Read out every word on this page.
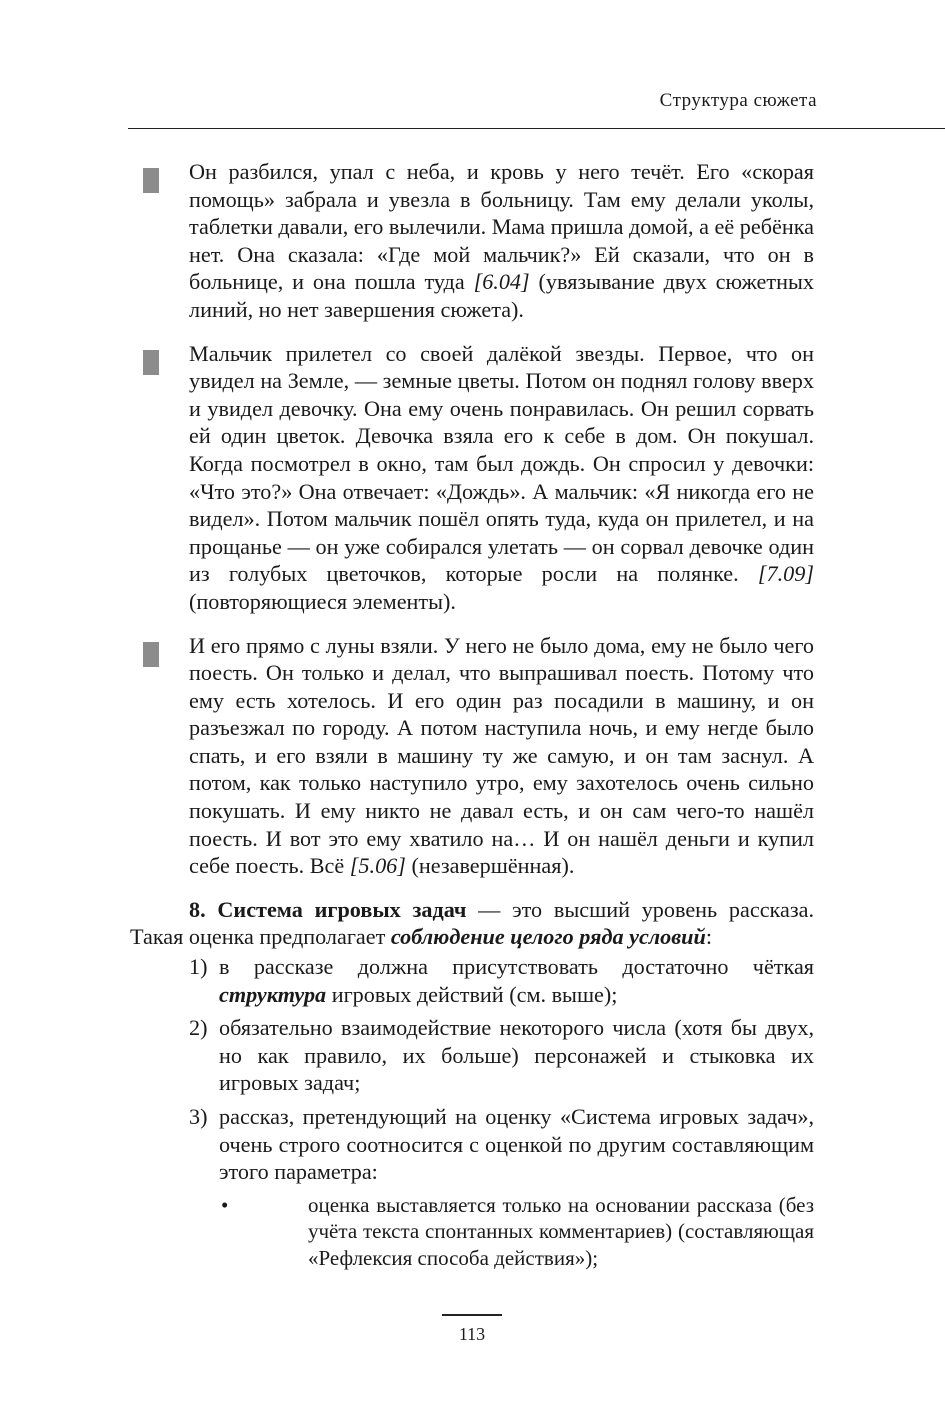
Структура сюжета
Он разбился, упал с неба, и кровь у него течёт. Его «скорая помощь» забрала и увезла в больницу. Там ему делали уколы, таблетки давали, его вылечили. Мама пришла домой, а её ребёнка нет. Она сказала: «Где мой мальчик?» Ей сказали, что он в больнице, и она пошла туда [6.04] (увязывание двух сюжетных линий, но нет завершения сюжета).
Мальчик прилетел со своей далёкой звезды. Первое, что он увидел на Земле, — земные цветы. Потом он поднял голову вверх и увидел девочку. Она ему очень понравилась. Он решил сорвать ей один цветок. Девочка взяла его к себе в дом. Он покушал. Когда посмотрел в окно, там был дождь. Он спросил у девочки: «Что это?» Она отвечает: «Дождь». А мальчик: «Я никогда его не видел». Потом мальчик пошёл опять туда, куда он прилетел, и на прощанье — он уже собирался улетать — он сорвал девочке один из голубых цветочков, которые росли на полянке. [7.09] (повторяющиеся элементы).
И его прямо с луны взяли. У него не было дома, ему не было чего поесть. Он только и делал, что выпрашивал поесть. Потому что ему есть хотелось. И его один раз посадили в машину, и он разъезжал по городу. А потом наступила ночь, и ему негде было спать, и его взяли в машину ту же самую, и он там заснул. А потом, как только наступило утро, ему захотелось очень сильно покушать. И ему никто не давал есть, и он сам чего-то нашёл поесть. И вот это ему хватило на… И он нашёл деньги и купил себе поесть. Всё [5.06] (незавершённая).
8. Система игровых задач — это высший уровень рассказа. Такая оценка предполагает соблюдение целого ряда условий:
1) в рассказе должна присутствовать достаточно чёткая структура игровых действий (см. выше);
2) обязательно взаимодействие некоторого числа (хотя бы двух, но как правило, их больше) персонажей и стыковка их игровых задач;
3) рассказ, претендующий на оценку «Система игровых задач», очень строго соотносится с оценкой по другим составляющим этого параметра:
•	оценка выставляется только на основании рассказа (без учёта текста спонтанных комментариев) (составляющая «Рефлексия способа действия»);
113
